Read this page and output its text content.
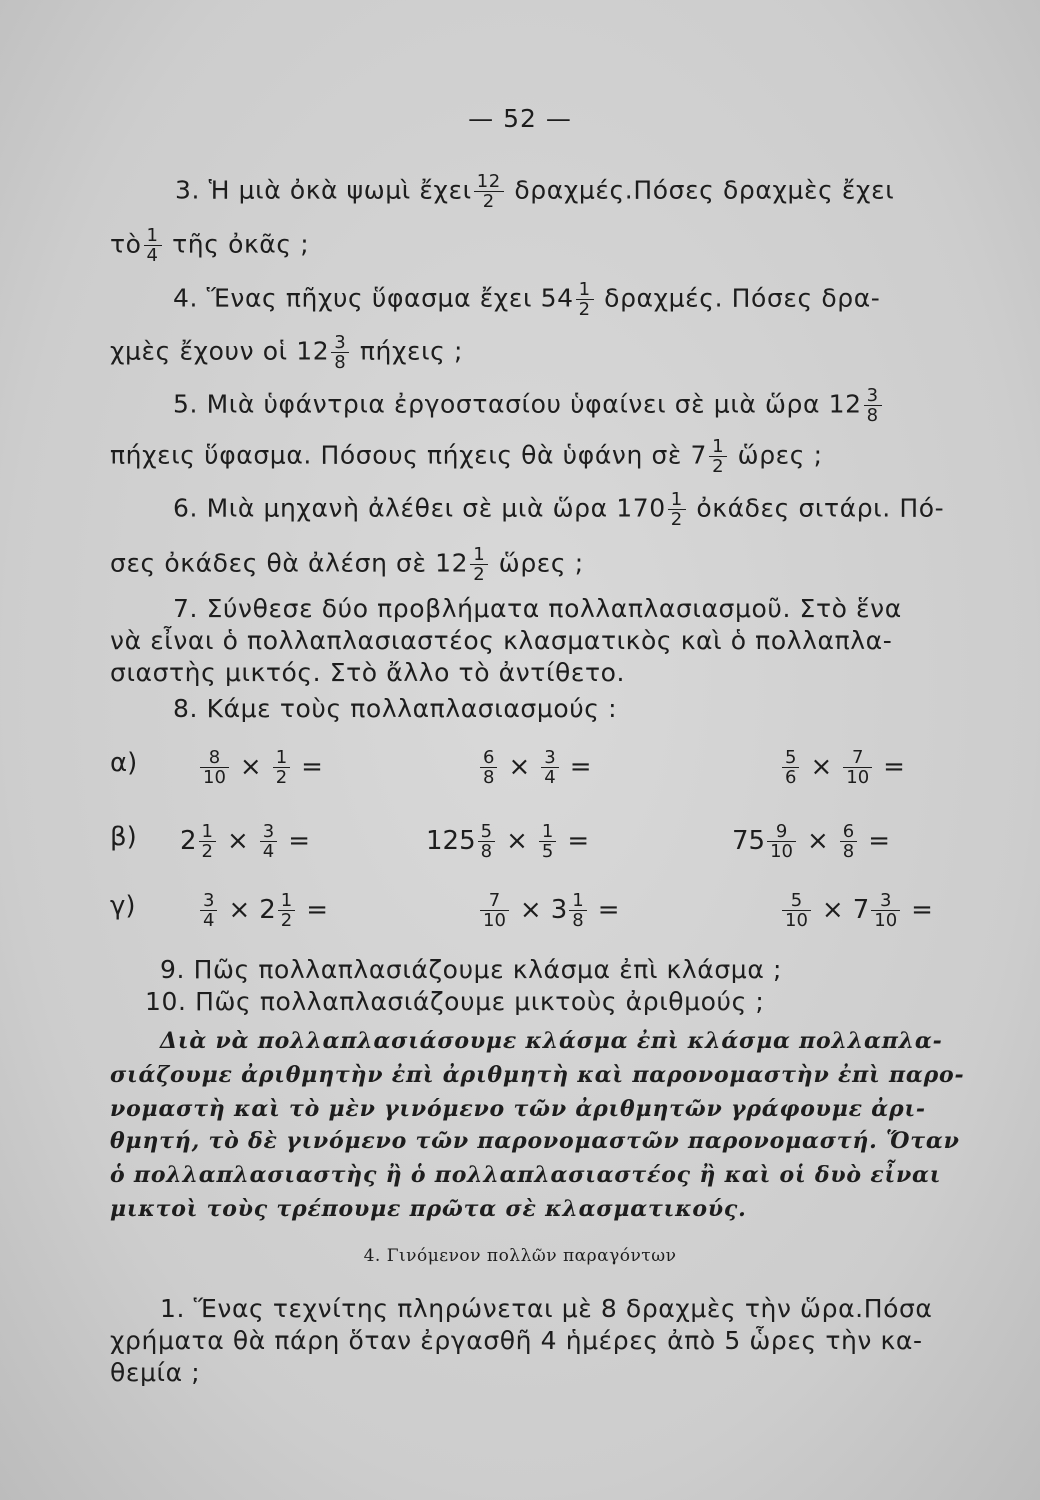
— 52 —
3. Ἡ μιὰ ὀκὰ ψωμὶ ἔχει $\frac{12}{2} \delta\rho\alpha\chi\mu έ\varsigma.\Pi ό\sigma\varepsilon\varsigma$ δραχμὲς ἔχει
τὸ $\frac{1}{4}$ τῆς ὀκᾶς ;
4. Ἕνας πῆχυς ὕφασμα ἔχει $54 \frac{1}{2} \delta\rho\alpha\chi\mu έ\varsigma$. Πόσες δρα-
χμὲς ἔχουν οἱ $12 \frac{3}{8}$ πήχεις ;
5. Μιὰ ὑφάντρια ἐργοστασίου ὑφαίνει σὲ μιὰ ὥρα $12 \frac{3}{8}$
πήχεις ὕφασμα. Πόσους πήχεις θὰ ὑφάνη σὲ $7 \frac{1}{2}$ ὥρες ;
6. Μιὰ μηχανὴ ἀλέθει σὲ μιὰ ὥρα $170 \frac{1}{2}$ ὀκάδες σιτάρι. Πό-
σες ὀκάδες θὰ ἀλέση σὲ $12 \frac{1}{2}$ ὥρες ;
7. Σύνθεσε δύο προβλήματα πολλαπλασιασμοῦ. Στὸ ἕνα
νὰ εἶναι ὁ πολλαπλασιαστέος κλασματικὸς καὶ ὁ πολλαπλα-
σιαστὴς μικτός. Στὸ ἄλλο τὸ ἀντίθετο.
8. Κάμε τοὺς πολλαπλασιασμούς :
α)	$\frac{8}{10} \times \frac{1}{2}$ =	$\frac{6}{8} \times \frac{3}{4}$ =	$\frac{5}{6} \times \frac{7}{10}$ =
β) $2 \frac{1}{2} \times \frac{3}{4}$ =	$125 \frac{5}{8} \times \frac{1}{5}$ =	$75 \frac{9}{10} \times \frac{6}{8}$ =
γ)	$\frac{3}{4} \times 2 \frac{1}{2}$ =	$\frac{7}{10} \times 3 \frac{1}{8}$ =	$\frac{5}{10} \times 7 \frac{3}{10}$ =
9. Πῶς πολλαπλασιάζουμε κλάσμα ἐπὶ κλάσμα ;
10. Πῶς πολλαπλασιάζουμε μικτοὺς ἀριθμούς ;
Διὰ νὰ πολλαπλασιάσουμε κλάσμα ἐπὶ κλάσμα πολλαπλα-
σιάζουμε ἀριθμητὴν ἐπὶ ἀριθμητὴ καὶ παρονομαστὴν ἐπὶ παρο-
νομαστὴ καὶ τὸ μὲν γινόμενο τῶν ἀριθμητῶν γράφουμε ἀρι-
θμητή, τὸ δὲ γινόμενο τῶν παρονομαστῶν παρονομαστή. Ὅταν
ὁ πολλαπλασιαστὴς ἢ ὁ πολλαπλασιαστέος ἢ καὶ οἱ δυὸ εἶναι
μικτοὶ τοὺς τρέπουμε πρῶτα σὲ κλασματικούς.
4. Γινόμενον πολλῶν παραγόντων
1. Ἕνας τεχνίτης πληρώνεται μὲ 8 δραχμὲς τὴν ὥρα.Πόσα
χρήματα θὰ πάρη ὅταν ἐργασθῆ 4 ἡμέρες ἀπὸ 5 ὧρες τὴν κα-
θεμία ;
